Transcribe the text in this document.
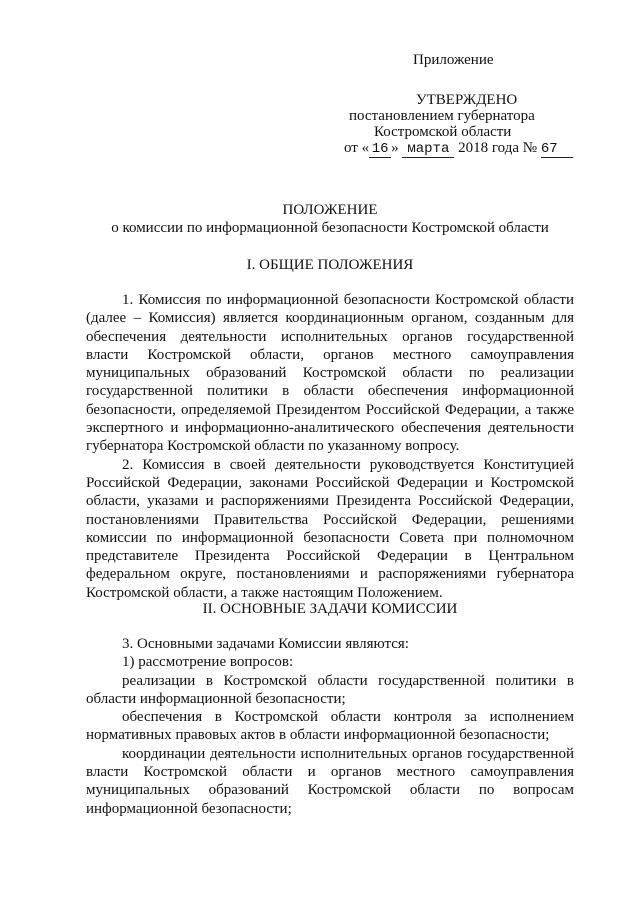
Приложение
УТВЕРЖДЕНО
постановлением губернатора
Костромской области
от « 16 » марта 2018 года № 67
ПОЛОЖЕНИЕ
о комиссии по информационной безопасности Костромской области
I. ОБЩИЕ ПОЛОЖЕНИЯ

1. Комиссия по информационной безопасности Костромской области (далее – Комиссия) является координационным органом, созданным для обеспечения деятельности исполнительных органов государственной власти Костромской области, органов местного самоуправления муниципальных образований Костромской области по реализации государственной политики в области обеспечения информационной безопасности, определяемой Президентом Российской Федерации, а также экспертного и информационно-аналитического обеспечения деятельности губернатора Костромской области по указанному вопросу.

2. Комиссия в своей деятельности руководствуется Конституцией Российской Федерации, законами Российской Федерации и Костромской области, указами и распоряжениями Президента Российской Федерации, постановлениями Правительства Российской Федерации, решениями комиссии по информационной безопасности Совета при полномочном представителе Президента Российской Федерации в Центральном федеральном округе, постановлениями и распоряжениями губернатора Костромской области, а также настоящим Положением.

II. ОСНОВНЫЕ ЗАДАЧИ КОМИССИИ

3. Основными задачами Комиссии являются:

1) рассмотрение вопросов:

реализации в Костромской области государственной политики в области информационной безопасности;

обеспечения в Костромской области контроля за исполнением нормативных правовых актов в области информационной безопасности;

координации деятельности исполнительных органов государственной власти Костромской области и органов местного самоуправления муниципальных образований Костромской области по вопросам информационной безопасности;
